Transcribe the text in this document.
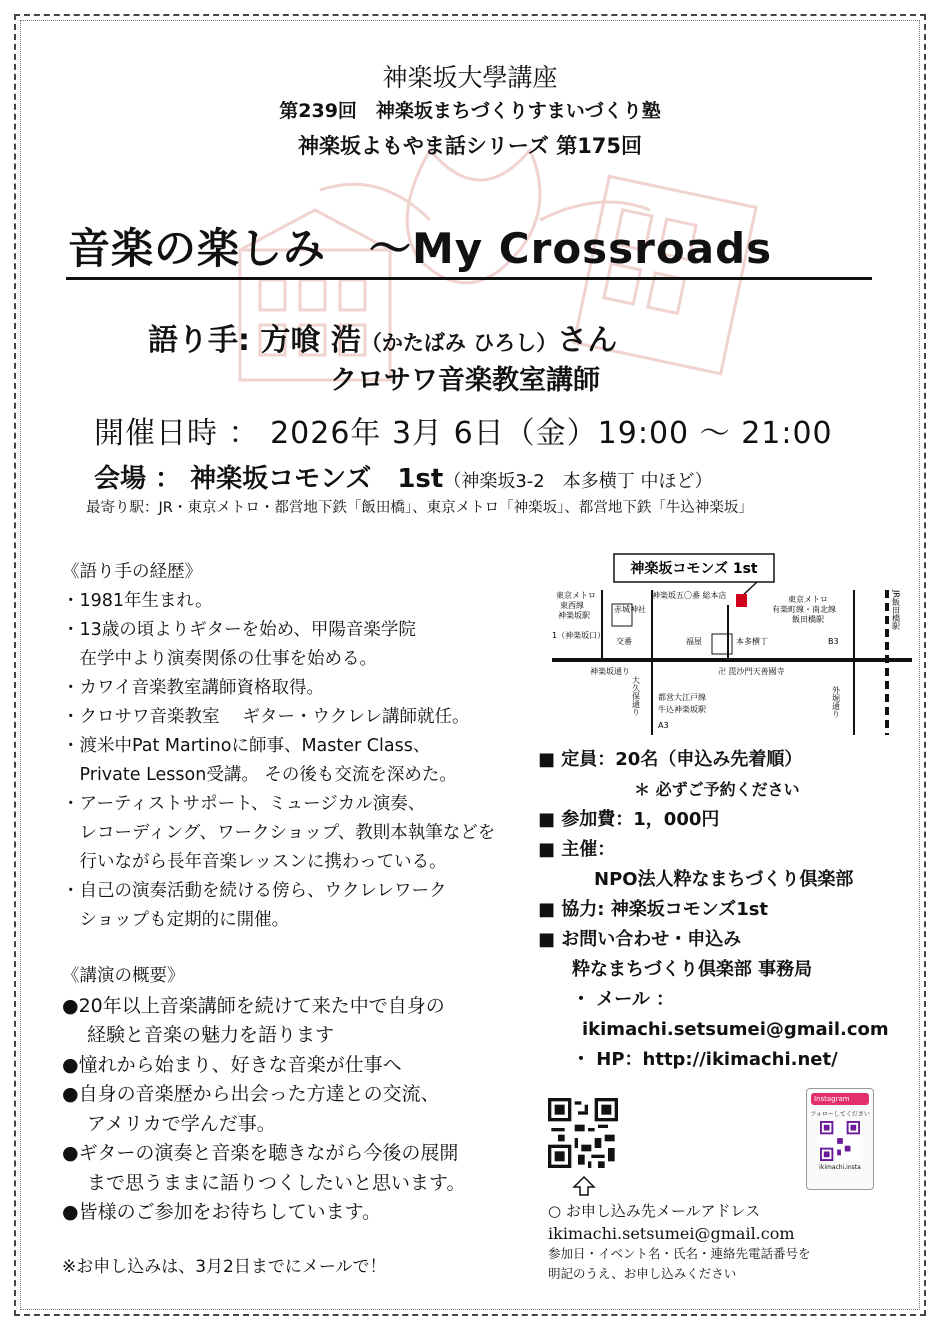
神楽坂大學講座
第239回　神楽坂まちづくりすまいづくり塾
神楽坂よもやま話シリーズ 第175回
音楽の楽しみ　～My Crossroads
語り手: 方喰 浩（かたばみ ひろし）さん
クロサワ音楽教室講師
開催日時 ： 2026年 3月 6日（金）19:00 ～ 21:00
会場 ： 神楽坂コモンズ　1st（神楽坂3-2　本多横丁 中ほど）
最寄り駅：JR・東京メトロ・都営地下鉄「飯田橋」、東京メトロ「神楽坂」、都営地下鉄「牛込神楽坂」
《語り手の経歴》
・1981年生まれ。
・13歳の頃よりギターを始め、甲陽音楽学院
　在学中より演奏関係の仕事を始める。
・カワイ音楽教室講師資格取得。
・クロサワ音楽教室　 ギター・ウクレレ講師就任。
・渡米中Pat Martinoに師事、Master Class、
　Private Lesson受講。 その後も交流を深めた。
・アーティストサポート、ミュージカル演奏、
　レコーディング、ワークショップ、教則本執筆などを
　行いながら長年音楽レッスンに携わっている。
・自己の演奏活動を続ける傍ら、ウクレレワーク
　ショップも定期的に開催。
《講演の概要》
●20年以上音楽講師を続けて来た中で自身の
　 経験と音楽の魅力を語ります
●憧れから始まり、好きな音楽が仕事へ
●自身の音楽歴から出会った方達との交流、
　 アメリカで学んだ事。
●ギターの演奏と音楽を聴きながら今後の展開
　 まで思うままに語りつくしたいと思います。
●皆様のご参加をお待ちしています。
※お申し込みは、3月2日までにメールで！
神楽坂コモンズ 1st
東京メトロ
東西線
神楽坂駅
1（神楽坂口）
赤城神社
交番
神楽坂五〇番 総本店
福屋	本多横丁
東京メトロ
有楽町線・南北線
飯田橋駅
B3
JR飯田橋駅
神楽坂通り	卍 毘沙門天善國寺
大久保通り 都営大江戸線
牛込神楽坂駅
A3
外堀通り
■ 定員：20名（申込み先着順）
＊ 必ずご予約ください
■ 参加費：1，000円
■ 主催：
NPO法人粋なまちづくり倶楽部
■ 協力: 神楽坂コモンズ1st
■ お問い合わせ・申込み
粋なまちづくり倶楽部 事務局
・ メール ：
ikimachi.setsumei@gmail.com
・ HP：http://ikimachi.net/
Instagram
フォローしてください
ikimachi.insta
○ お申し込み先メールアドレス
ikimachi.setsumei@gmail.com
参加日・イベント名・氏名・連絡先電話番号を
明記のうえ、お申し込みください
